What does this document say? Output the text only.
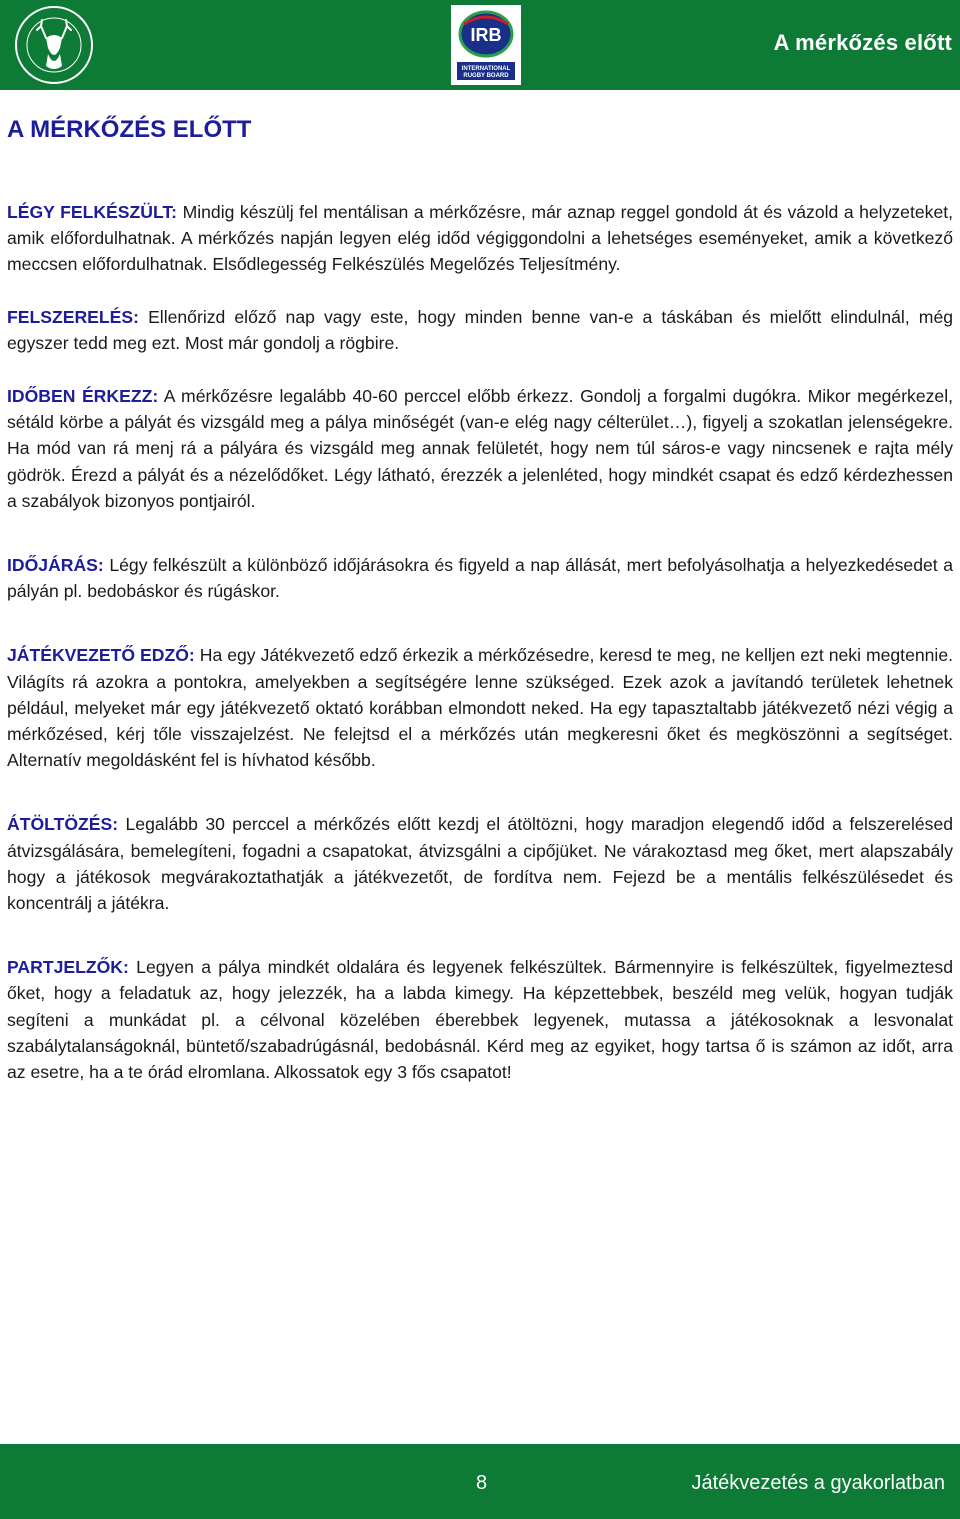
IRB
INTERNATIONAL
RUGBY BOARD
A mérkőzés előtt
A MÉRKŐZÉS ELŐTT

LÉGY FELKÉSZÜLT: Mindig készülj fel mentálisan a mérkőzésre, már aznap reggel gondold át és vázold a helyzeteket, amik előfordulhatnak. A mérkőzés napján legyen elég időd végiggondolni a lehetséges eseményeket, amik a következő meccsen előfordulhatnak. Elsődlegesség Felkészülés Megelőzés Teljesítmény.

FELSZERELÉS: Ellenőrizd előző nap vagy este, hogy minden benne van-e a táskában és mielőtt elindulnál, még egyszer tedd meg ezt. Most már gondolj a rögbire.

IDŐBEN ÉRKEZZ: A mérkőzésre legalább 40-60 perccel előbb érkezz. Gondolj a forgalmi dugókra. Mikor megérkezel, sétáld körbe a pályát és vizsgáld meg a pálya minőségét (van-e elég nagy célterület…), figyelj a szokatlan jelenségekre. Ha mód van rá menj rá a pályára és vizsgáld meg annak felületét, hogy nem túl sáros-e vagy nincsenek e rajta mély gödrök. Érezd a pályát és a nézelődőket. Légy látható, érezzék a jelenléted, hogy mindkét csapat és edző kérdezhessen a szabályok bizonyos pontjairól.

IDŐJÁRÁS: Légy felkészült a különböző időjárásokra és figyeld a nap állását, mert befolyásolhatja a helyezkedésedet a pályán pl. bedobáskor és rúgáskor.

JÁTÉKVEZETŐ EDZŐ: Ha egy Játékvezető edző érkezik a mérkőzésedre, keresd te meg, ne kelljen ezt neki megtennie. Világíts rá azokra a pontokra, amelyekben a segítségére lenne szükséged. Ezek azok a javítandó területek lehetnek például, melyeket már egy játékvezető oktató korábban elmondott neked. Ha egy tapasztaltabb játékvezető nézi végig a mérkőzésed, kérj tőle visszajelzést. Ne felejtsd el a mérkőzés után megkeresni őket és megköszönni a segítséget. Alternatív megoldásként fel is hívhatod később.

ÁTÖLTÖZÉS: Legalább 30 perccel a mérkőzés előtt kezdj el átöltözni, hogy maradjon elegendő időd a felszerelésed átvizsgálására, bemelegíteni, fogadni a csapatokat, átvizsgálni a cipőjüket. Ne várakoztasd meg őket, mert alapszabály hogy a játékosok megvárakoztathatják a játékvezetőt, de fordítva nem. Fejezd be a mentális felkészülésedet és koncentrálj a játékra.

PARTJELZŐK: Legyen a pálya mindkét oldalára és legyenek felkészültek. Bármennyire is felkészültek, figyelmeztesd őket, hogy a feladatuk az, hogy jelezzék, ha a labda kimegy. Ha képzettebbek, beszéld meg velük, hogyan tudják segíteni a munkádat pl. a célvonal közelében éberebbek legyenek, mutassa a játékosoknak a lesvonalat szabálytalanságoknál, büntető/szabadrúgásnál, bedobásnál. Kérd meg az egyiket, hogy tartsa ő is számon az időt, arra az esetre, ha a te órád elromlana. Alkossatok egy 3 fős csapatot!

8	Játékvezetés a gyakorlatban
